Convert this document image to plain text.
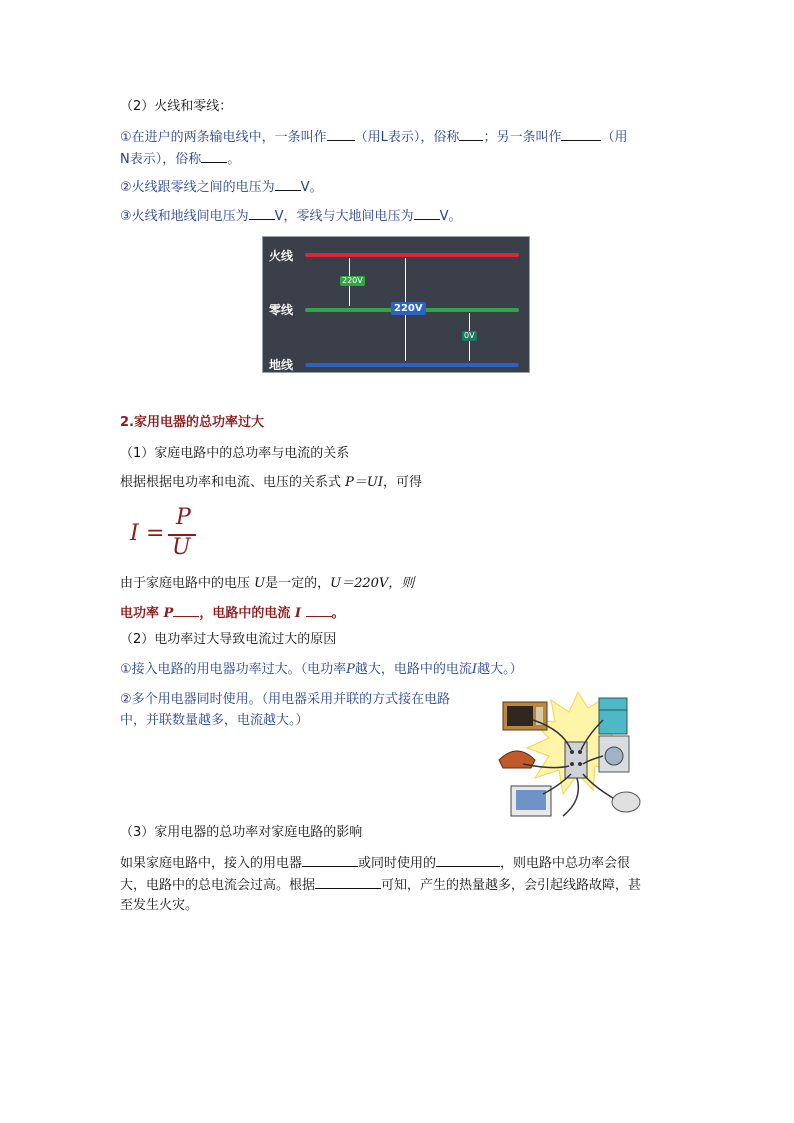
（2）火线和零线：
①在进户的两条输电线中，一条叫作 （用L表示），俗称 ；另一条叫作	（用
N表示），俗称 。
②火线跟零线之间的电压为 V。
③火线和地线间电压为 V，零线与大地间电压为 V。
火线
零线
地线
220V
220V
0V
2.家用电器的总功率过大
（1）家庭电路中的总功率与电流的关系
根据根据电功率和电流、电压的关系式 P＝UI，可得
I =
P
U
由于家庭电路中的电压 U是一定的，U＝220V，则
电功率 P ，电路中的电流 I 。
（2）电功率过大导致电流过大的原因
①接入电路的用电器功率过大。（电功率P越大，电路中的电流I越大。）
②多个用电器同时使用。（用电器采用并联的方式接在电路
中，并联数量越多，电流越大。）
（3）家用电器的总功率对家庭电路的影响
如果家庭电路中，接入的用电器	或同时使用的	，则电路中总功率会很
大，电路中的总电流会过高。根据	可知，产生的热量越多，会引起线路故障，甚
至发生火灾。
